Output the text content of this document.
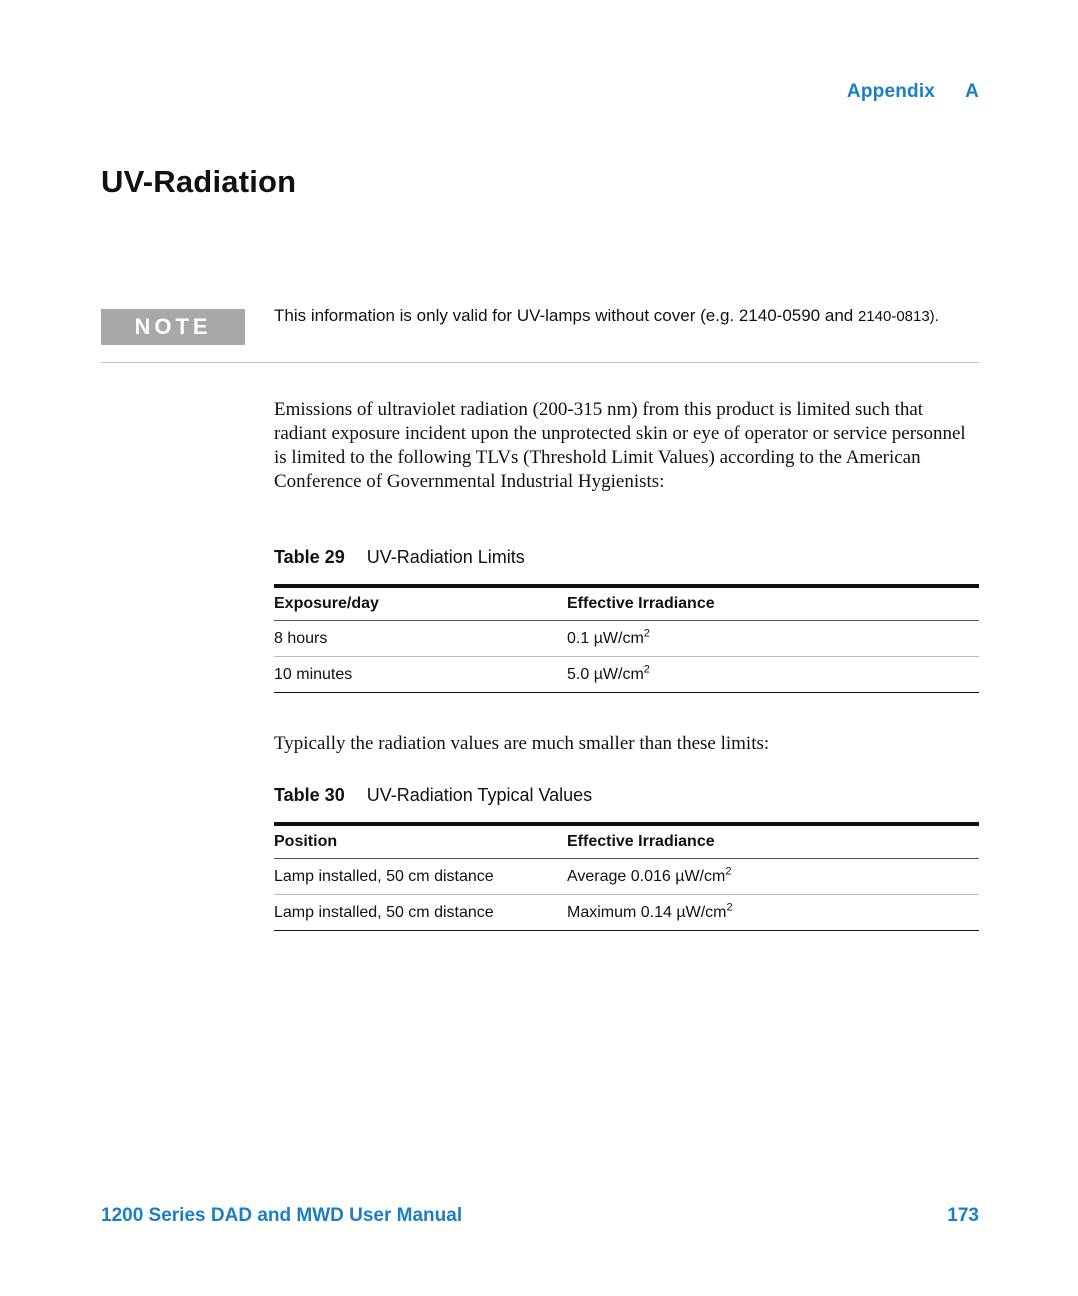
Appendix A
UV-Radiation
NOTE	This information is only valid for UV-lamps without cover (e.g. 2140-0590 and 2140-0813).

Emissions of ultraviolet radiation (200-315 nm) from this product is limited such that radiant exposure incident upon the unprotected skin or eye of operator or service personnel is limited to the following TLVs (Threshold Limit Values) according to the American Conference of Governmental Industrial Hygienists:

Table 29 UV-Radiation Limits
Exposure/day	Effective Irradiance
8 hours	0.1 $\mu W/cm^2$
10 minutes	5.0 $\mu W/cm^2$

Typically the radiation values are much smaller than these limits:

Table 30 UV-Radiation Typical Values
Position	Effective Irradiance
Lamp installed, 50 cm distance	Average 0.016 $\mu W/cm^2$
Lamp installed, 50 cm distance	Maximum 0.14 $\mu W/cm^2$
1200 Series DAD and MWD User Manual	173
